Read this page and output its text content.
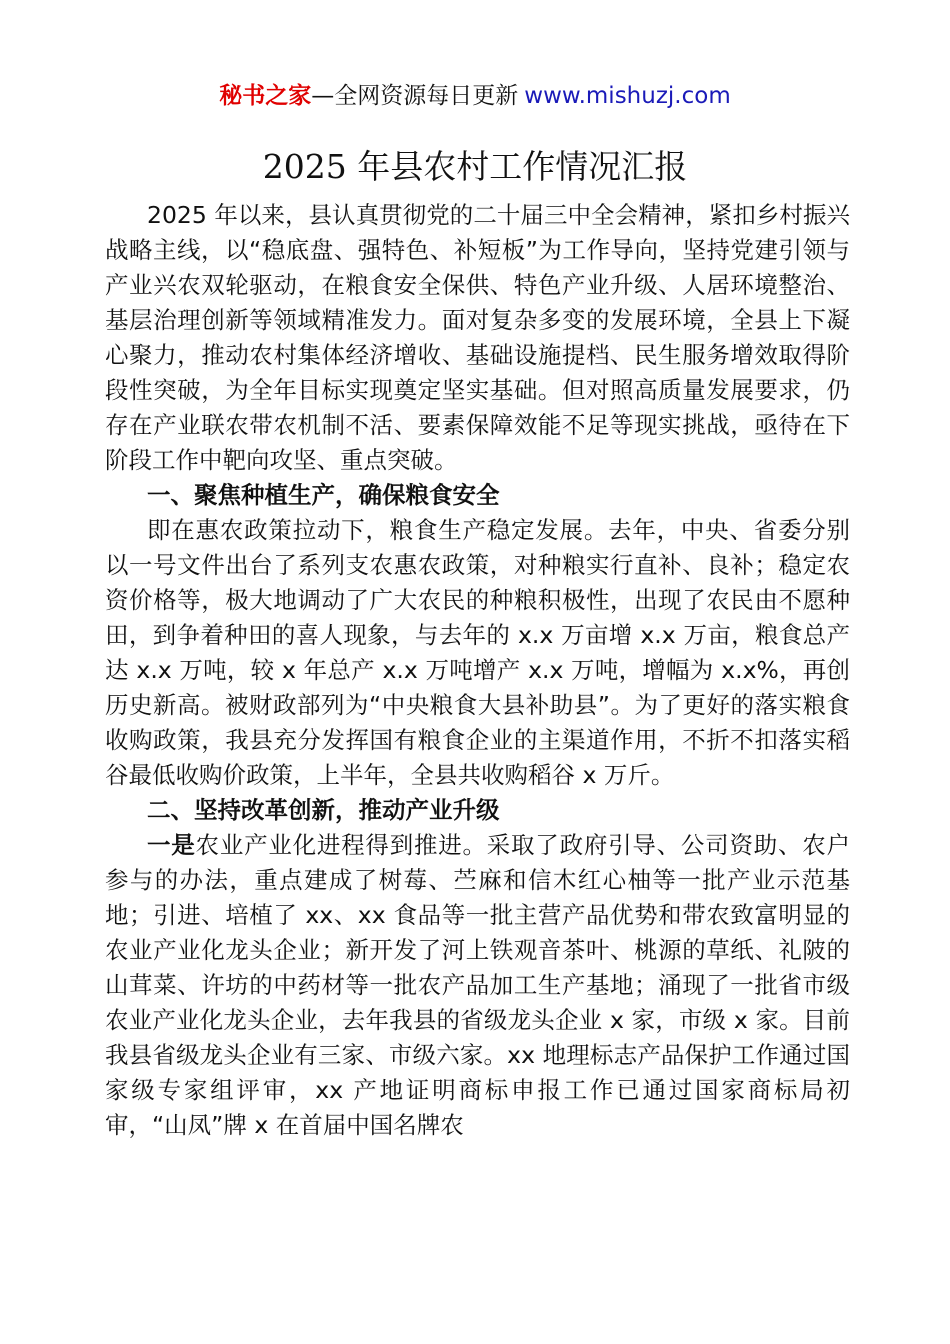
秘书之家—全网资源每日更新 www.mishuzj.com
2025 年县农村工作情况汇报

2025 年以来，县认真贯彻党的二十届三中全会精神，紧扣乡村振兴战略主线，以“稳底盘、强特色、补短板”为工作导向，坚持党建引领与产业兴农双轮驱动，在粮食安全保供、特色产业升级、人居环境整治、基层治理创新等领域精准发力。面对复杂多变的发展环境，全县上下凝心聚力，推动农村集体经济增收、基础设施提档、民生服务增效取得阶段性突破，为全年目标实现奠定坚实基础。但对照高质量发展要求，仍存在产业联农带农机制不活、要素保障效能不足等现实挑战，亟待在下阶段工作中靶向攻坚、重点突破。

一、聚焦种植生产，确保粮食安全

即在惠农政策拉动下，粮食生产稳定发展。去年，中央、省委分别以一号文件出台了系列支农惠农政策，对种粮实行直补、良补；稳定农资价格等，极大地调动了广大农民的种粮积极性，出现了农民由不愿种田，到争着种田的喜人现象，与去年的 x.x 万亩增 x.x 万亩，粮食总产达 x.x 万吨，较 x 年总产 x.x 万吨增产 x.x 万吨，增幅为 x.x%，再创历史新高。被财政部列为“中央粮食大县补助县”。为了更好的落实粮食收购政策，我县充分发挥国有粮食企业的主渠道作用，不折不扣落实稻谷最低收购价政策，上半年，全县共收购稻谷 x 万斤。

二、坚持改革创新，推动产业升级

一是农业产业化进程得到推进。采取了政府引导、公司资助、农户参与的办法，重点建成了树莓、苎麻和信木红心柚等一批产业示范基地；引进、培植了 xx、xx 食品等一批主营产品优势和带农致富明显的农业产业化龙头企业；新开发了河上铁观音茶叶、桃源的草纸、礼陂的山茸菜、许坊的中药材等一批农产品加工生产基地；涌现了一批省市级农业产业化龙头企业，去年我县的省级龙头企业 x 家，市级 x 家。目前我县省级龙头企业有三家、市级六家。xx 地理标志产品保护工作通过国家级专家组评审，xx 产地证明商标申报工作已通过国家商标局初审，“山凤”牌 x 在首届中国名牌农
